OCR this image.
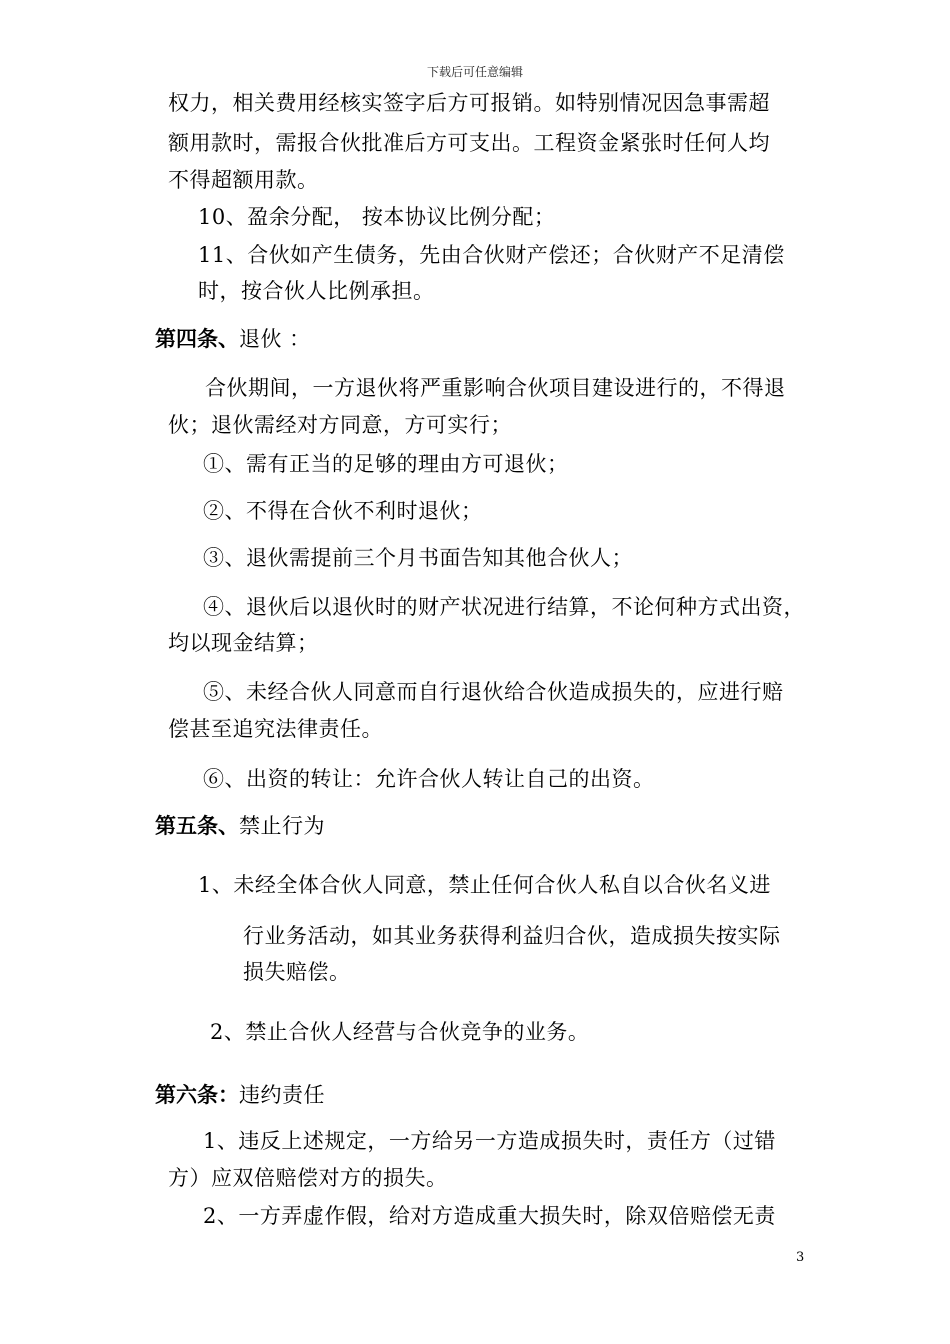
下载后可任意编辑
权力，相关费用经核实签字后方可报销。如特别情况因急事需超
额用款时，需报合伙批准后方可支出。工程资金紧张时任何人均
不得超额用款。
10、盈余分配， 按本协议比例分配；
11、合伙如产生债务，先由合伙财产偿还；合伙财产不足清偿
时，按合伙人比例承担。
第四条、退伙 ：
合伙期间，一方退伙将严重影响合伙项目建设进行的，不得退
伙；退伙需经对方同意，方可实行；
①、需有正当的足够的理由方可退伙；
②、不得在合伙不利时退伙；
③、退伙需提前三个月书面告知其他合伙人；
④、退伙后以退伙时的财产状况进行结算，不论何种方式出资，
均以现金结算；
⑤、未经合伙人同意而自行退伙给合伙造成损失的，应进行赔
偿甚至追究法律责任。
⑥、出资的转让：允许合伙人转让自己的出资。
第五条、禁止行为
1、未经全体合伙人同意，禁止任何合伙人私自以合伙名义进
行业务活动，如其业务获得利益归合伙，造成损失按实际
损失赔偿。
2、禁止合伙人经营与合伙竞争的业务。
第六条：违约责任
1、违反上述规定，一方给另一方造成损失时，责任方（过错
方）应双倍赔偿对方的损失。
2、一方弄虚作假，给对方造成重大损失时，除双倍赔偿无责
3
